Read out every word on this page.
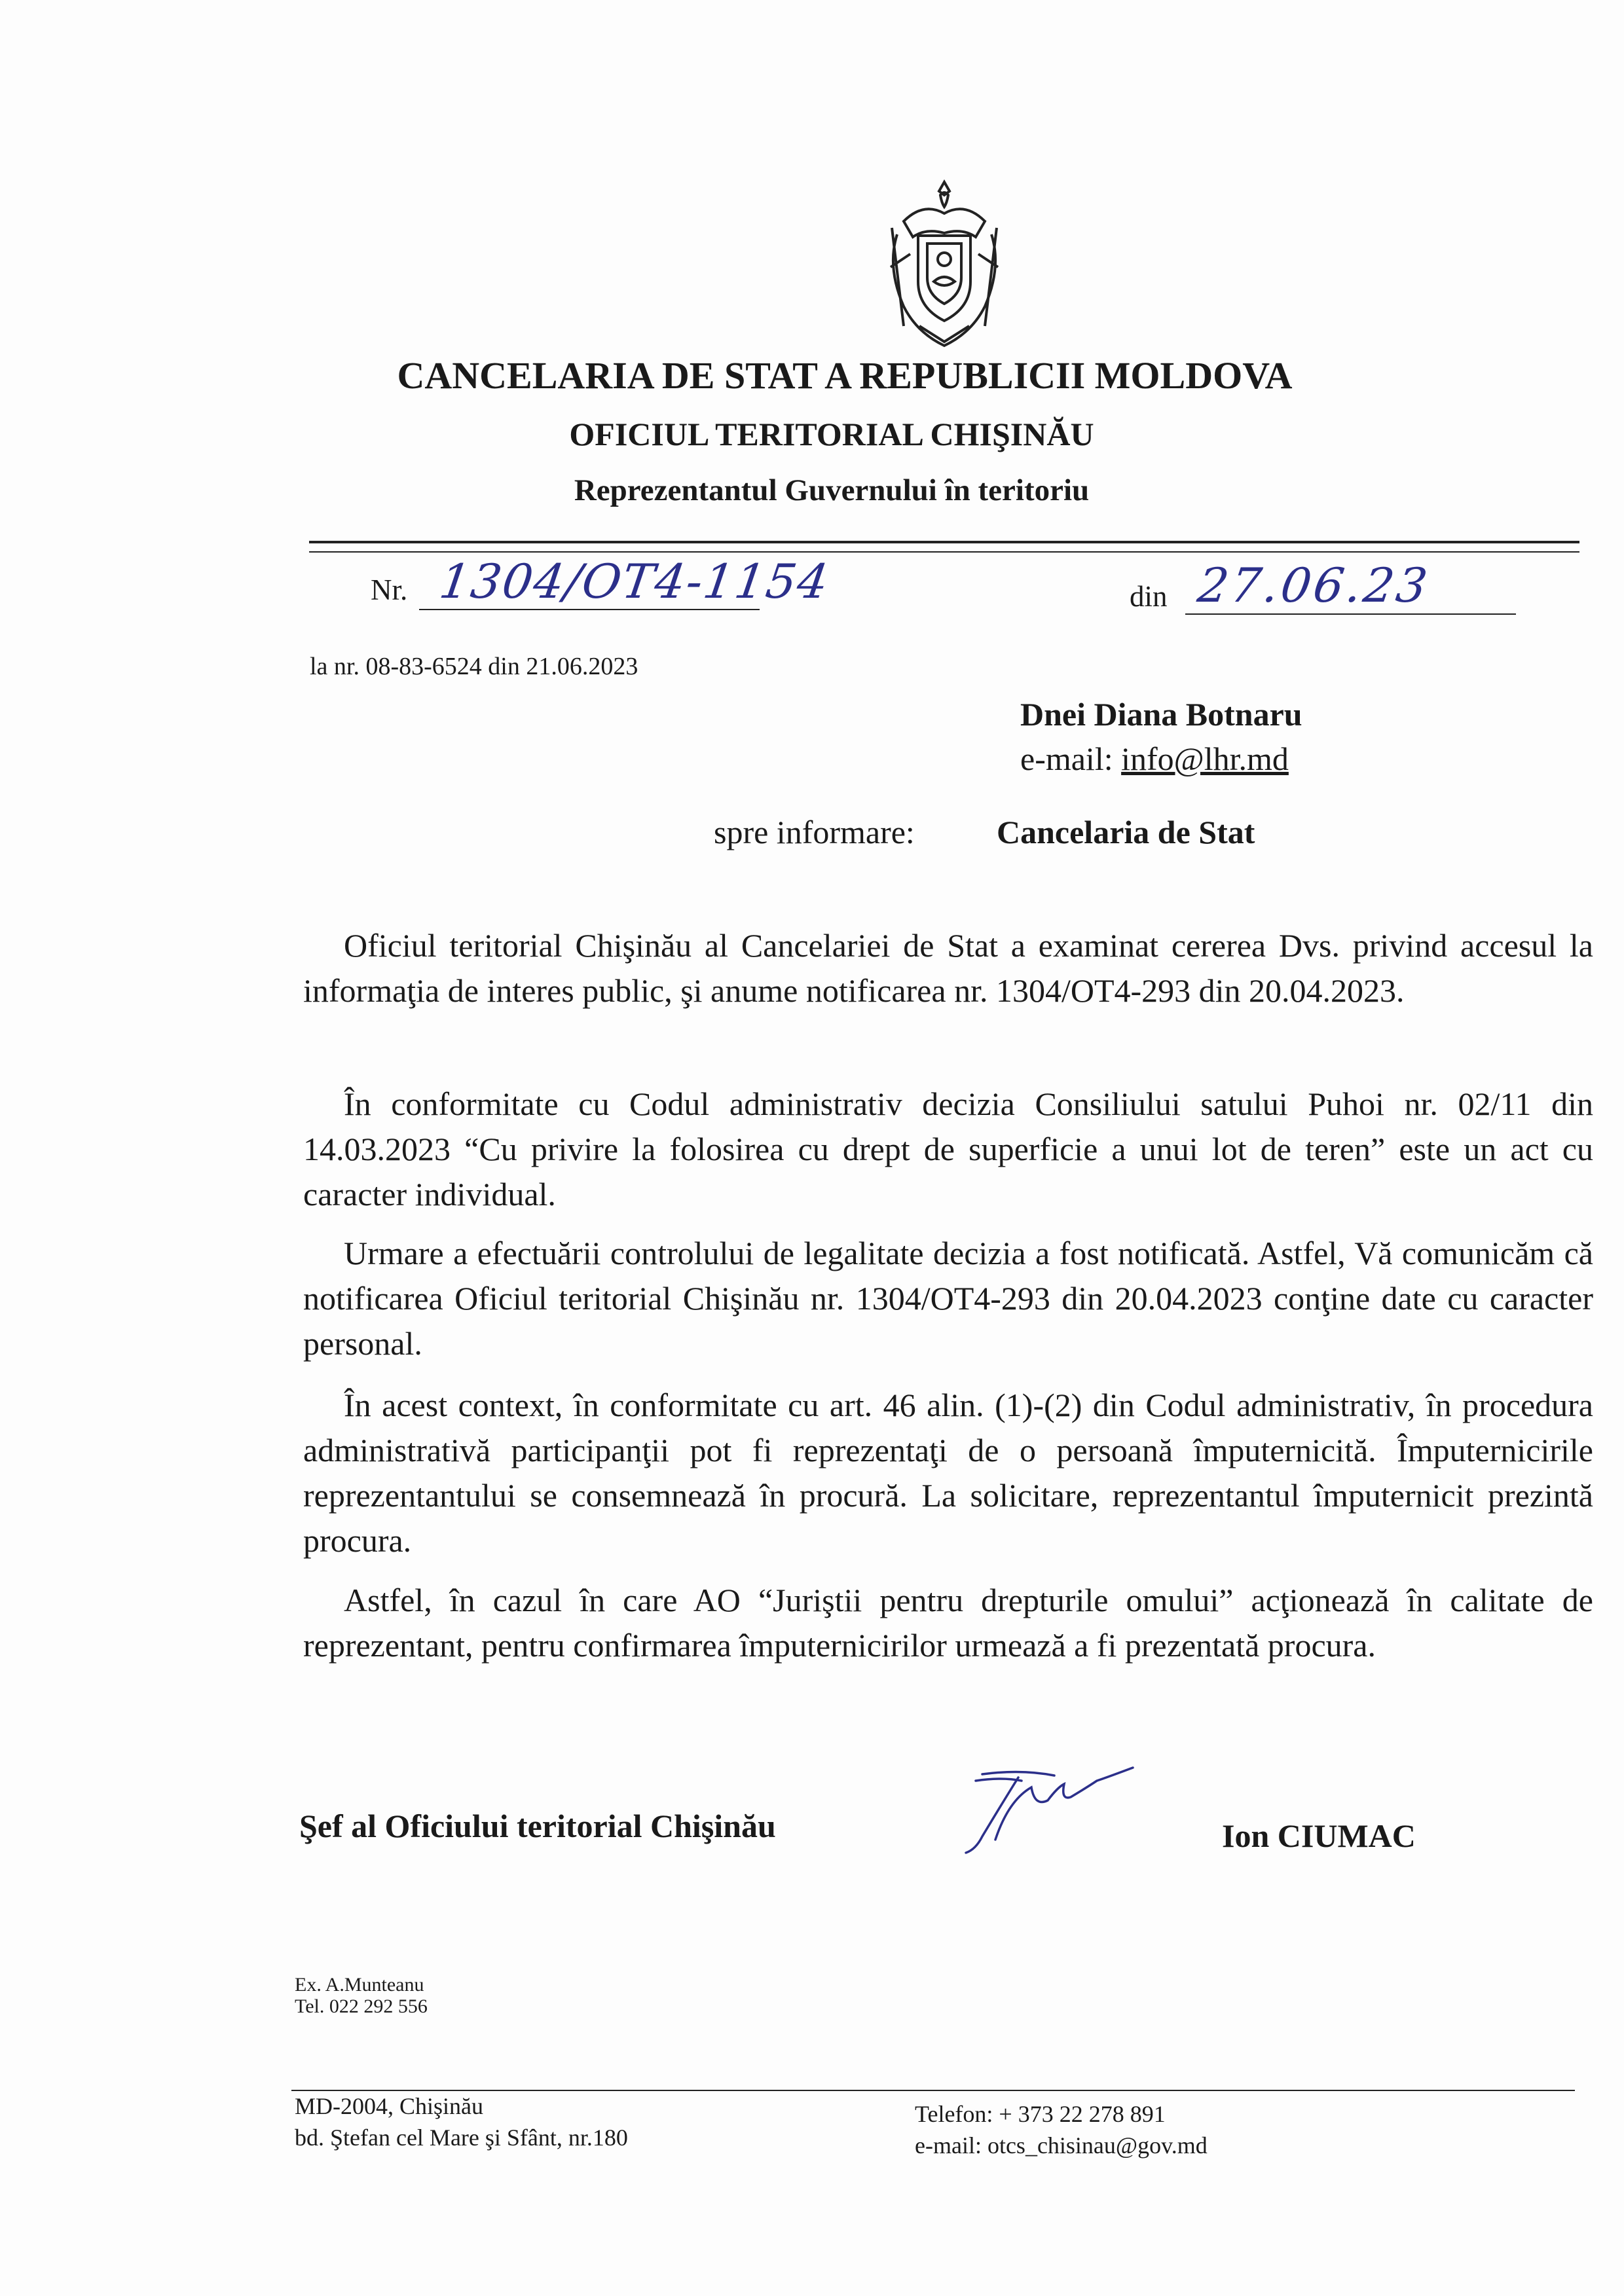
CANCELARIA DE STAT A REPUBLICII MOLDOVA
OFICIUL TERITORIAL CHIŞINĂU
Reprezentantul Guvernului în teritoriu
Nr. 1304/OT4-1154	din 27.06.23
la nr. 08-83-6524 din 21.06.2023
Dnei Diana Botnaru
e-mail: info@lhr.md
spre informare:	Cancelaria de Stat

Oficiul teritorial Chişinău al Cancelariei de Stat a examinat cererea Dvs. privind accesul la informaţia de interes public, şi anume notificarea nr. 1304/OT4-293 din 20.04.2023.

În conformitate cu Codul administrativ decizia Consiliului satului Puhoi nr. 02/11 din 14.03.2023 “Cu privire la folosirea cu drept de superficie a unui lot de teren” este un act cu caracter individual.

Urmare a efectuării controlului de legalitate decizia a fost notificată. Astfel, Vă comunicăm că notificarea Oficiul teritorial Chişinău nr. 1304/OT4-293 din 20.04.2023 conţine date cu caracter personal.

În acest context, în conformitate cu art. 46 alin. (1)-(2) din Codul administrativ, în procedura administrativă participanţii pot fi reprezentaţi de o persoană împuternicită. Împuternicirile reprezentantului se consemnează în procură. La solicitare, reprezentantul împuternicit prezintă procura.

Astfel, în cazul în care AO “Juriştii pentru drepturile omului” acţionează în calitate de reprezentant, pentru confirmarea împuternicirilor urmează a fi prezentată procura.

Şef al Oficiului teritorial Chişinău	Ion CIUMAC
Ex. A.Munteanu
Tel. 022 292 556
MD-2004, Chişinău
bd. Ştefan cel Mare şi Sfânt, nr.180
Telefon: + 373 22 278 891
e-mail: otcs_chisinau@gov.md
